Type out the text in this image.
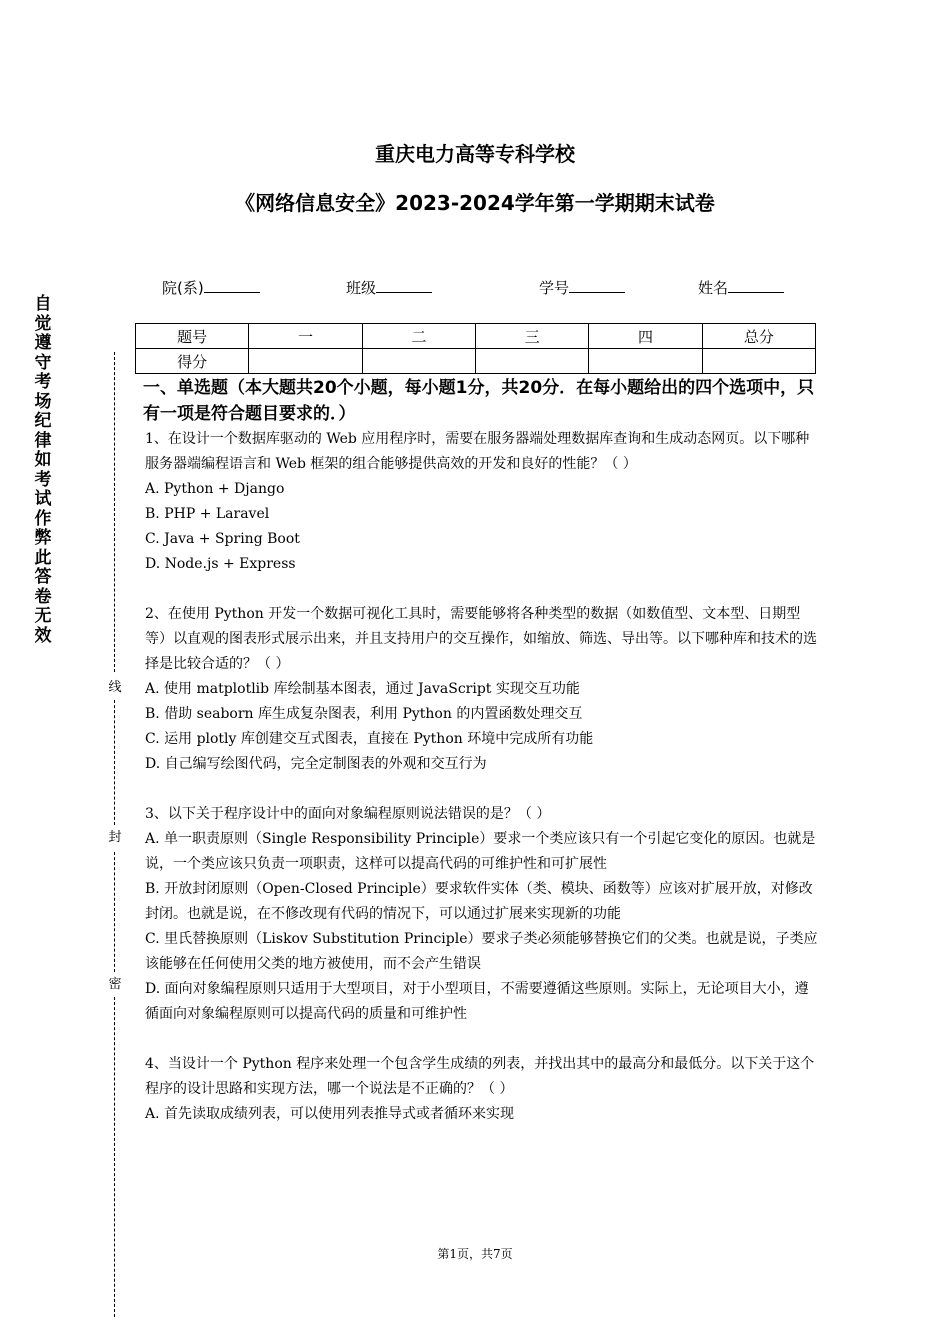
重庆电力高等专科学校
《网络信息安全》2023-2024学年第一学期期末试卷
自觉遵守考场纪律如考试作弊此答卷无效
线
封
密
院(系)	班级	学号	姓名
题号	一	二	三	四	总分
得分					
一、单选题（本大题共20个小题，每小题1分，共20分．在每小题给出的四个选项中，只有一项是符合题目要求的．）

1、在设计一个数据库驱动的 Web 应用程序时，需要在服务器端处理数据库查询和生成动态网页。以下哪种服务器端编程语言和 Web 框架的组合能够提供高效的开发和良好的性能？（ ）

A. Python + Django

B. PHP + Laravel

C. Java + Spring Boot

D. Node.js + Express

2、在使用 Python 开发一个数据可视化工具时，需要能够将各种类型的数据（如数值型、文本型、日期型等）以直观的图表形式展示出来，并且支持用户的交互操作，如缩放、筛选、导出等。以下哪种库和技术的选择是比较合适的？（ ）

A. 使用 matplotlib 库绘制基本图表，通过 JavaScript 实现交互功能

B. 借助 seaborn 库生成复杂图表，利用 Python 的内置函数处理交互

C. 运用 plotly 库创建交互式图表，直接在 Python 环境中完成所有功能

D. 自己编写绘图代码，完全定制图表的外观和交互行为

3、以下关于程序设计中的面向对象编程原则说法错误的是？（ ）

A. 单一职责原则（Single Responsibility Principle）要求一个类应该只有一个引起它变化的原因。也就是说，一个类应该只负责一项职责，这样可以提高代码的可维护性和可扩展性

B. 开放封闭原则（Open-Closed Principle）要求软件实体（类、模块、函数等）应该对扩展开放，对修改封闭。也就是说，在不修改现有代码的情况下，可以通过扩展来实现新的功能

C. 里氏替换原则（Liskov Substitution Principle）要求子类必须能够替换它们的父类。也就是说，子类应该能够在任何使用父类的地方被使用，而不会产生错误

D. 面向对象编程原则只适用于大型项目，对于小型项目，不需要遵循这些原则。实际上，无论项目大小，遵循面向对象编程原则可以提高代码的质量和可维护性

4、当设计一个 Python 程序来处理一个包含学生成绩的列表，并找出其中的最高分和最低分。以下关于这个程序的设计思路和实现方法，哪一个说法是不正确的？（ ）

A. 首先读取成绩列表，可以使用列表推导式或者循环来实现

第1页，共7页
